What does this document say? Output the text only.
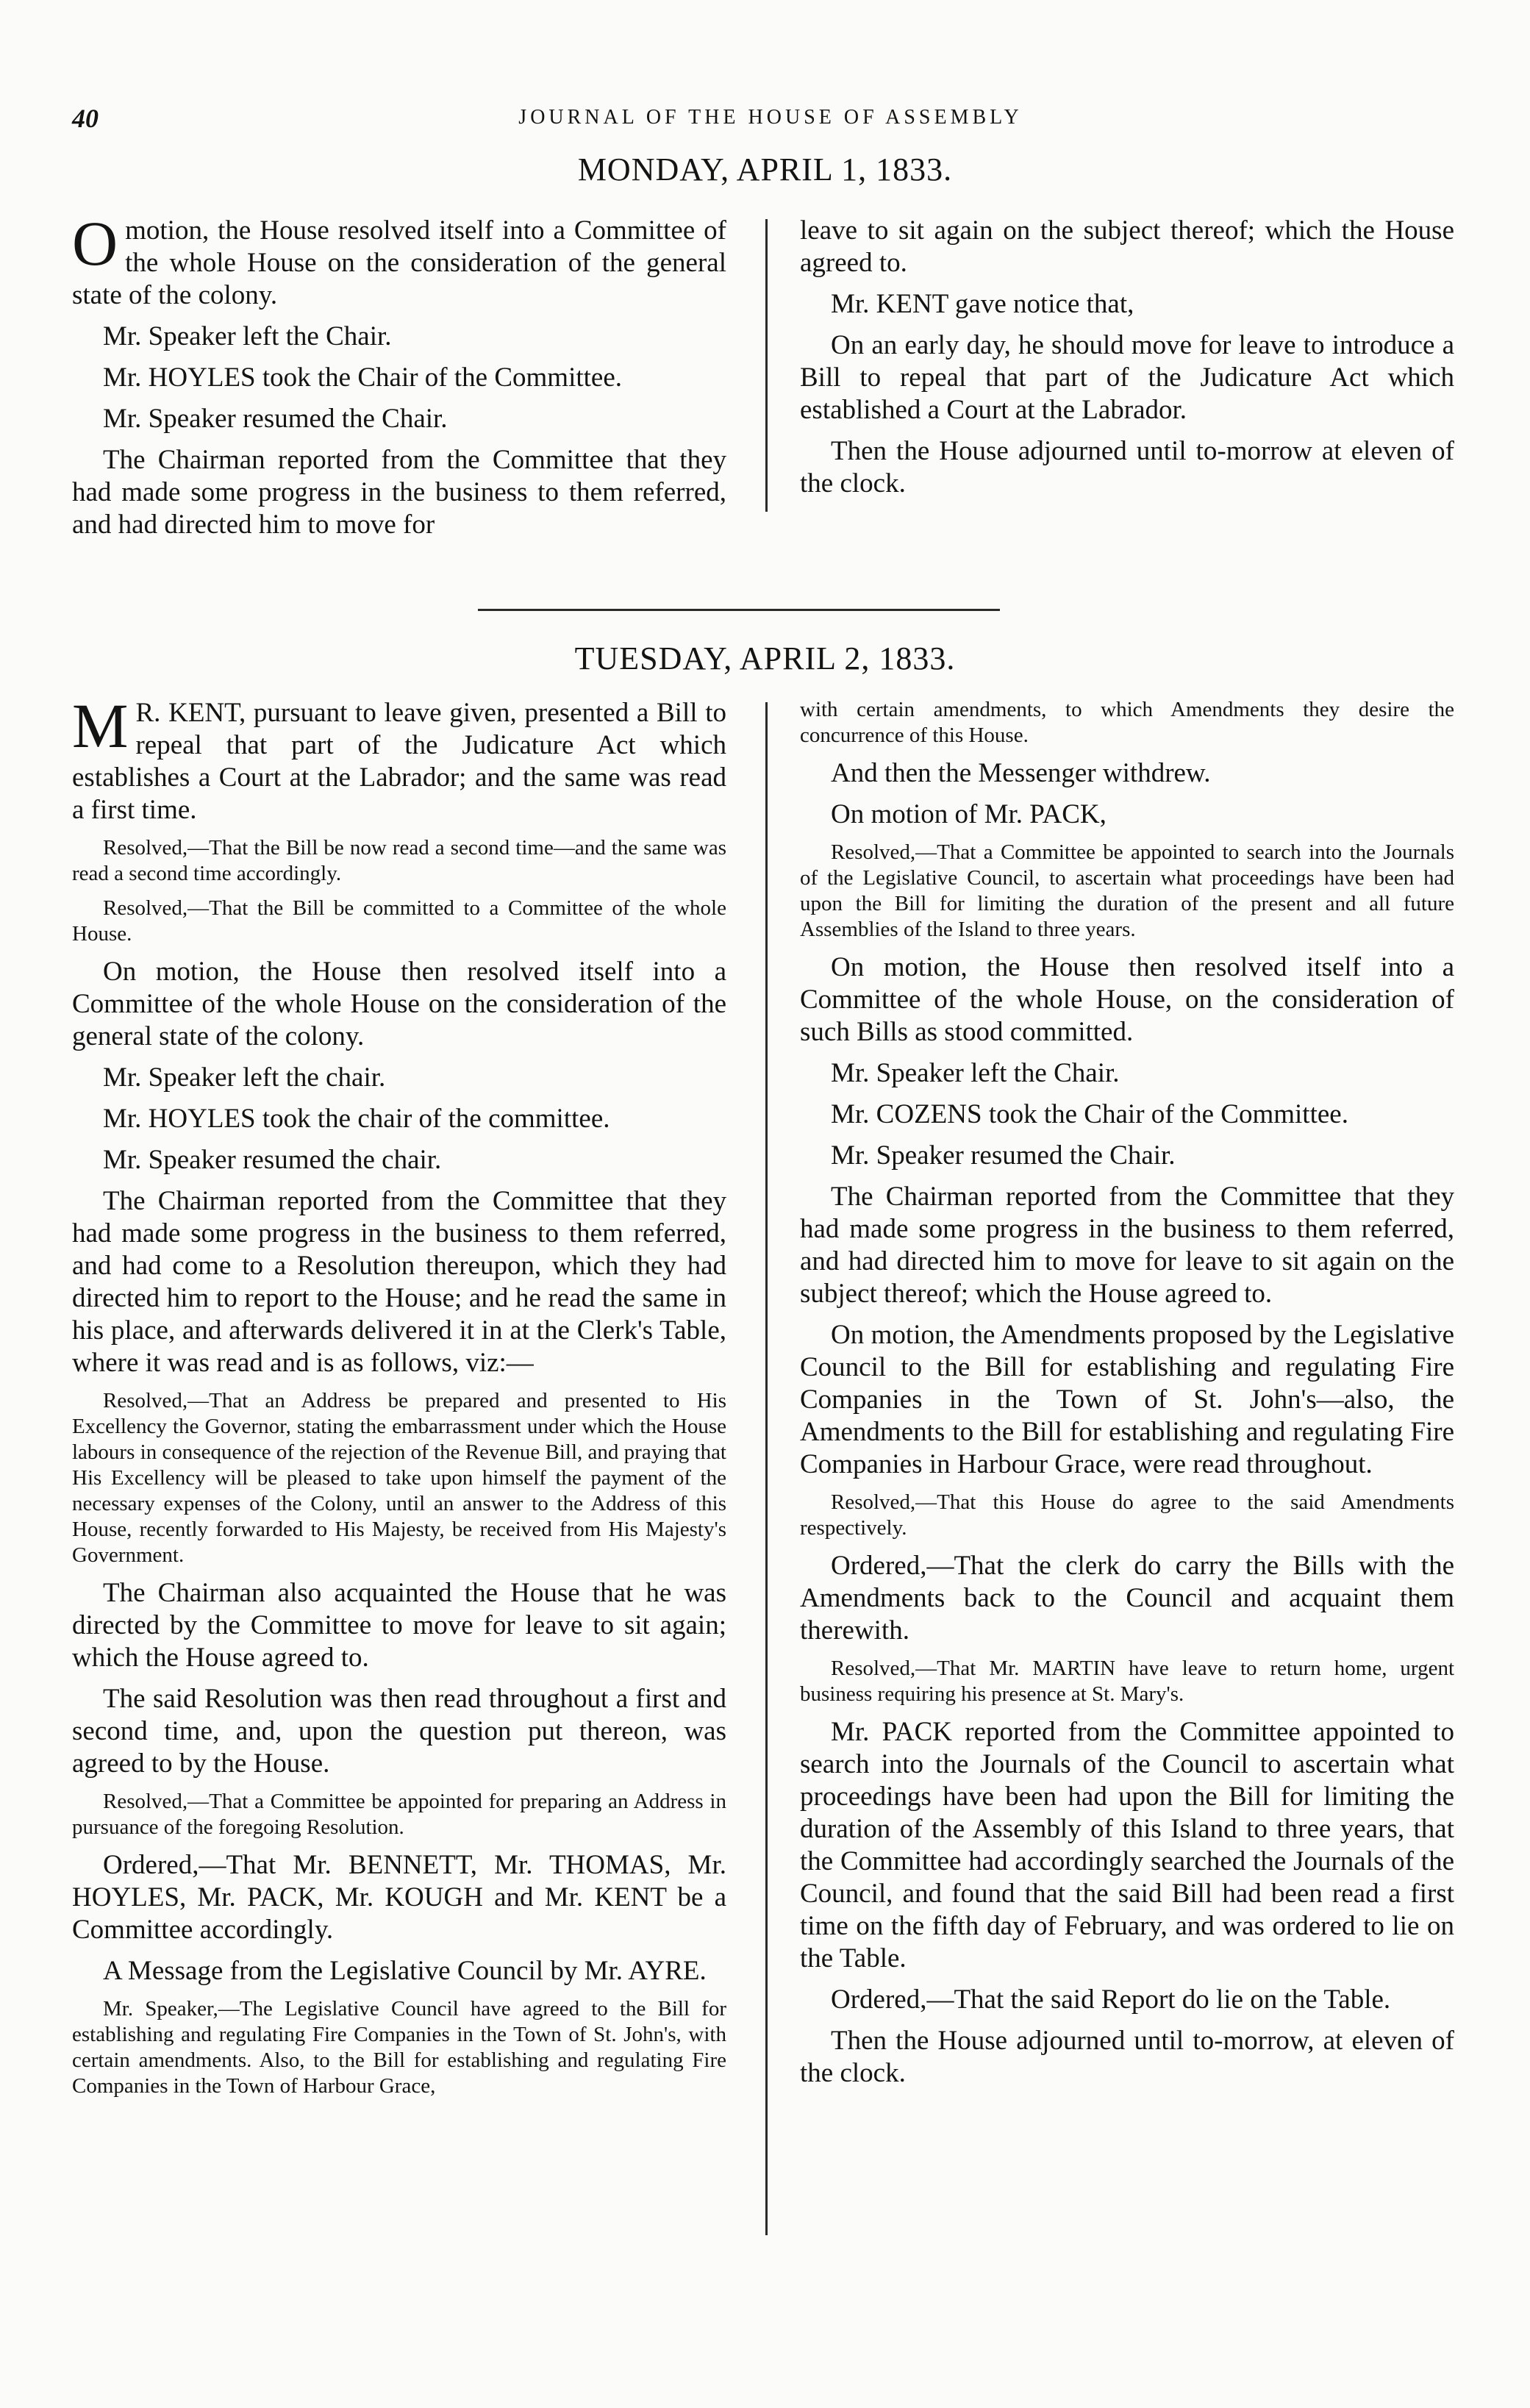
40	JOURNAL OF THE HOUSE OF ASSEMBLY
MONDAY, APRIL 1, 1833.

Omotion, the House resolved itself into a Committee of the whole House on the consideration of the general state of the colony.

Mr. Speaker left the Chair.

Mr. HOYLES took the Chair of the Committee.

Mr. Speaker resumed the Chair.

The Chairman reported from the Committee that they had made some progress in the business to them referred, and had directed him to move for

leave to sit again on the subject thereof; which the House agreed to.

Mr. KENT gave notice that,

On an early day, he should move for leave to introduce a Bill to repeal that part of the Judicature Act which established a Court at the Labrador.

Then the House adjourned until to-morrow at eleven of the clock.

TUESDAY, APRIL 2, 1833.

M R. KENT, pursuant to leave given, presented a Bill to repeal that part of the Judicature Act which establishes a Court at the Labrador; and the same was read a first time.

Resolved,—That the Bill be now read a second time—and the same was read a second time accordingly.

Resolved,—That the Bill be committed to a Committee of the whole House.

On motion, the House then resolved itself into a Committee of the whole House on the consideration of the general state of the colony.

Mr. Speaker left the chair.

Mr. HOYLES took the chair of the committee.

Mr. Speaker resumed the chair.

The Chairman reported from the Committee that they had made some progress in the business to them referred, and had come to a Resolution thereupon, which they had directed him to report to the House; and he read the same in his place, and afterwards delivered it in at the Clerk's Table, where it was read and is as follows, viz:—

Resolved,—That an Address be prepared and presented to His Excellency the Governor, stating the embarrassment under which the House labours in consequence of the rejection of the Revenue Bill, and praying that His Excellency will be pleased to take upon himself the payment of the necessary expenses of the Colony, until an answer to the Address of this House, recently forwarded to His Majesty, be received from His Majesty's Government.

The Chairman also acquainted the House that he was directed by the Committee to move for leave to sit again; which the House agreed to.

The said Resolution was then read throughout a first and second time, and, upon the question put thereon, was agreed to by the House.

Resolved,—That a Committee be appointed for preparing an Address in pursuance of the foregoing Resolution.

Ordered,—That Mr. BENNETT, Mr. THOMAS, Mr. HOYLES, Mr. PACK, Mr. KOUGH and Mr. KENT be a Committee accordingly.

A Message from the Legislative Council by Mr. AYRE.

Mr. Speaker,—The Legislative Council have agreed to the Bill for establishing and regulating Fire Companies in the Town of St. John's, with certain amendments. Also, to the Bill for establishing and regulating Fire Companies in the Town of Harbour Grace,

with certain amendments, to which Amendments they desire the concurrence of this House.

And then the Messenger withdrew.

On motion of Mr. PACK,

Resolved,—That a Committee be appointed to search into the Journals of the Legislative Council, to ascertain what proceedings have been had upon the Bill for limiting the duration of the present and all future Assemblies of the Island to three years.

On motion, the House then resolved itself into a Committee of the whole House, on the consideration of such Bills as stood committed.

Mr. Speaker left the Chair.

Mr. COZENS took the Chair of the Committee.

Mr. Speaker resumed the Chair.

The Chairman reported from the Committee that they had made some progress in the business to them referred, and had directed him to move for leave to sit again on the subject thereof; which the House agreed to.

On motion, the Amendments proposed by the Legislative Council to the Bill for establishing and regulating Fire Companies in the Town of St. John's—also, the Amendments to the Bill for establishing and regulating Fire Companies in Harbour Grace, were read throughout.

Resolved,—That this House do agree to the said Amendments respectively.

Ordered,—That the clerk do carry the Bills with the Amendments back to the Council and acquaint them therewith.

Resolved,—That Mr. MARTIN have leave to return home, urgent business requiring his presence at St. Mary's.

Mr. PACK reported from the Committee appointed to search into the Journals of the Council to ascertain what proceedings have been had upon the Bill for limiting the duration of the Assembly of this Island to three years, that the Committee had accordingly searched the Journals of the Council, and found that the said Bill had been read a first time on the fifth day of February, and was ordered to lie on the Table.

Ordered,—That the said Report do lie on the Table.

Then the House adjourned until to-morrow, at eleven of the clock.
